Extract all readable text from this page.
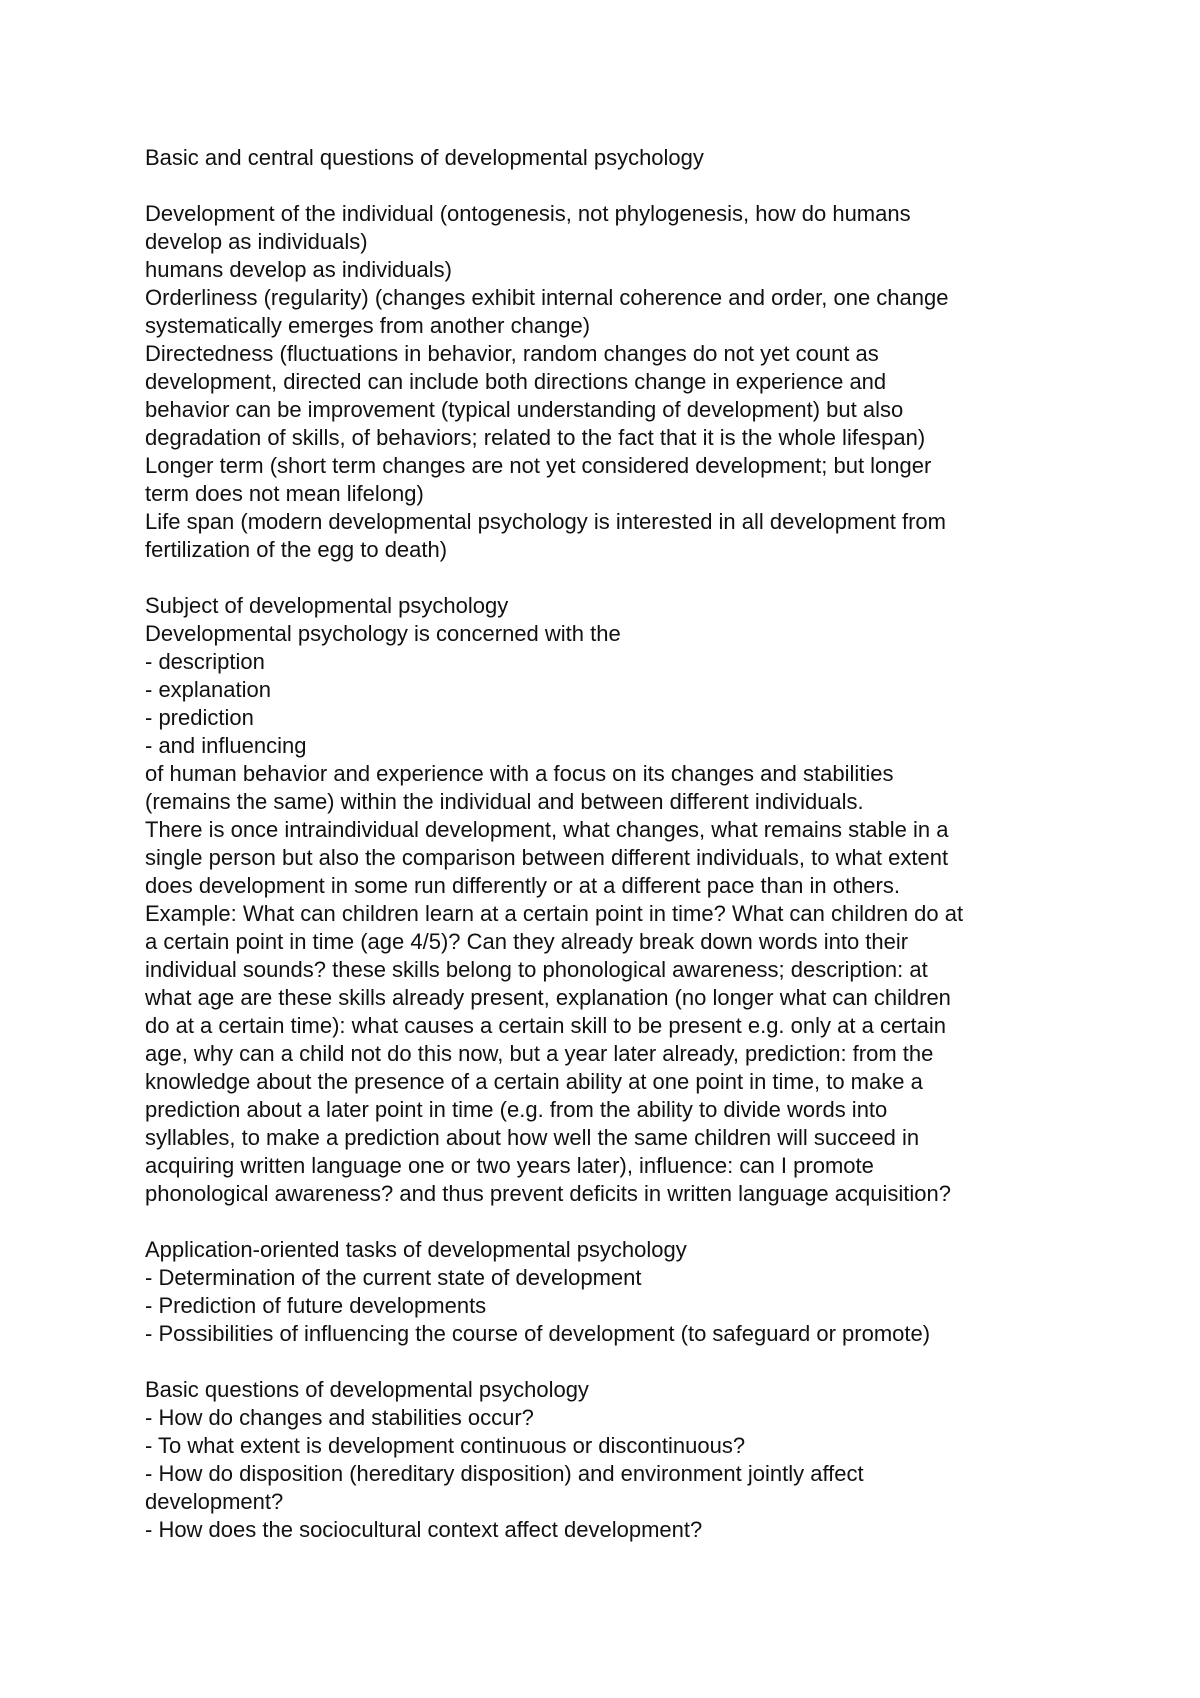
Basic and central questions of developmental psychology
Development of the individual (ontogenesis, not phylogenesis, how do humans
develop as individuals)
humans develop as individuals)
Orderliness (regularity) (changes exhibit internal coherence and order, one change
systematically emerges from another change)
Directedness (fluctuations in behavior, random changes do not yet count as
development, directed can include both directions change in experience and
behavior can be improvement (typical understanding of development) but also
degradation of skills, of behaviors; related to the fact that it is the whole lifespan)
Longer term (short term changes are not yet considered development; but longer
term does not mean lifelong)
Life span (modern developmental psychology is interested in all development from
fertilization of the egg to death)
Subject of developmental psychology
Developmental psychology is concerned with the
- description
- explanation
- prediction
- and influencing
of human behavior and experience with a focus on its changes and stabilities
(remains the same) within the individual and between different individuals.
There is once intraindividual development, what changes, what remains stable in a
single person but also the comparison between different individuals, to what extent
does development in some run differently or at a different pace than in others.
Example: What can children learn at a certain point in time? What can children do at
a certain point in time (age 4/5)? Can they already break down words into their
individual sounds? these skills belong to phonological awareness; description: at
what age are these skills already present, explanation (no longer what can children
do at a certain time): what causes a certain skill to be present e.g. only at a certain
age, why can a child not do this now, but a year later already, prediction: from the
knowledge about the presence of a certain ability at one point in time, to make a
prediction about a later point in time (e.g. from the ability to divide words into
syllables, to make a prediction about how well the same children will succeed in
acquiring written language one or two years later), influence: can I promote
phonological awareness? and thus prevent deficits in written language acquisition?
Application-oriented tasks of developmental psychology
- Determination of the current state of development
- Prediction of future developments
- Possibilities of influencing the course of development (to safeguard or promote)
Basic questions of developmental psychology
- How do changes and stabilities occur?
- To what extent is development continuous or discontinuous?
- How do disposition (hereditary disposition) and environment jointly affect
development?
- How does the sociocultural context affect development?
